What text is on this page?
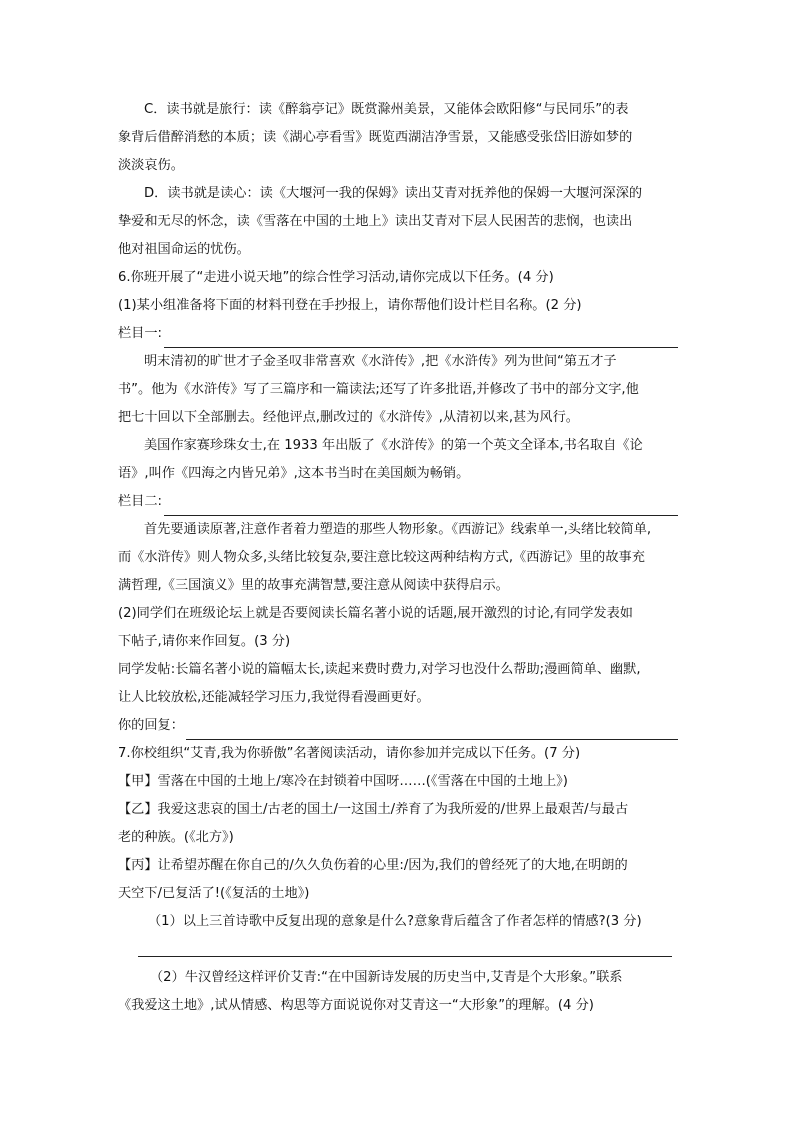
C．读书就是旅行：读《醉翁亭记》既赏滁州美景，又能体会欧阳修“与民同乐”的表
象背后借醉消愁的本质；读《湖心亭看雪》既览西湖洁净雪景，又能感受张岱旧游如梦的
淡淡哀伤。
D．读书就是读心：读《大堰河一我的保姆》读出艾青对抚养他的保姆一大堰河深深的
挚爱和无尽的怀念，读《雪落在中国的土地上》读出艾青对下层人民困苦的悲悯，也读出
他对祖国命运的忧伤。
6.你班开展了“走进小说天地”的综合性学习活动,请你完成以下任务。(4 分)
(1)某小组准备将下面的材料刊登在手抄报上，请你帮他们设计栏目名称。(2 分)
栏目一:
明末清初的旷世才子金圣叹非常喜欢《水浒传》,把《水浒传》列为世间“第五才子
书”。他为《水浒传》写了三篇序和一篇读法;还写了许多批语,并修改了书中的部分文字,他
把七十回以下全部删去。经他评点,删改过的《水浒传》,从清初以来,甚为风行。
美国作家赛珍珠女士,在 1933 年出版了《水浒传》的第一个英文全译本,书名取自《论
语》,叫作《四海之内皆兄弟》,这本书当时在美国颇为畅销。
栏目二:
首先要通读原著,注意作者着力塑造的那些人物形象。《西游记》线索单一,头绪比较简单,
而《水浒传》则人物众多,头绪比较复杂,要注意比较这两种结构方式,《西游记》里的故事充
满哲理,《三国演义》里的故事充满智慧,要注意从阅读中获得启示。
(2)同学们在班级论坛上就是否要阅读长篇名著小说的话题,展开激烈的讨论,有同学发表如
下帖子,请你来作回复。(3 分)
同学发帖:长篇名著小说的篇幅太长,读起来费时费力,对学习也没什么帮助;漫画简单、幽默,
让人比较放松,还能减轻学习压力,我觉得看漫画更好。
你的回复：
7.你校组织“艾青,我为你骄傲”名著阅读活动，请你参加并完成以下任务。(7 分)
【甲】雪落在中国的土地上/寒冷在封锁着中国呀……(《雪落在中国的土地上》)
【乙】我爱这悲哀的国土/古老的国土/一这国土/养育了为我所爱的/世界上最艰苦/与最古
老的种族。(《北方》)
【丙】让希望苏醒在你自己的/久久负伤着的心里:/因为,我们的曾经死了的大地,在明朗的
天空下/已复活了!(《复活的土地》)
（1）以上三首诗歌中反复出现的意象是什么?意象背后蕴含了作者怎样的情感?(3 分)
（2）牛汉曾经这样评价艾青:“在中国新诗发展的历史当中,艾青是个大形象。”联系
《我爱这土地》,试从情感、构思等方面说说你对艾青这一“大形象”的理解。(4 分)
